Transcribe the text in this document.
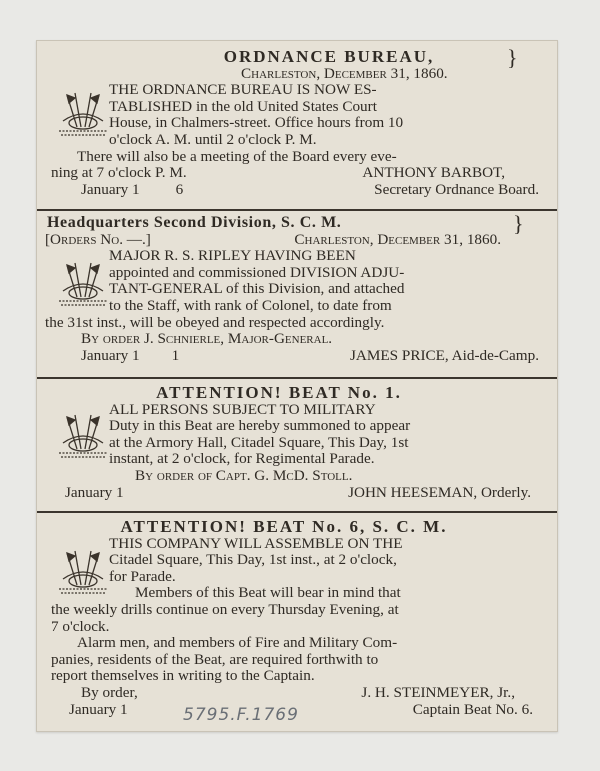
ORDNANCE BUREAU,
Charleston, December 31, 1860.
THE ORDNANCE BUREAU IS NOW ES-
TABLISHED in the old United States Court
House, in Chalmers-street. Office hours from 10
o'clock A. M. until 2 o'clock P. M.
There will also be a meeting of the Board every eve-
ning at 7 o'clock P. M.	ANTHONY BARBOT,
January 1 6	Secretary Ordnance Board.
}
Headquarters Second Division, S. C. M.
[Orders No. —.]	Charleston, December 31, 1860.
MAJOR R. S. RIPLEY HAVING BEEN
appointed and commissioned DIVISION ADJU-
TANT-GENERAL of this Division, and attached
to the Staff, with rank of Colonel, to date from
the 31st inst., will be obeyed and respected accordingly.
By order J. Schnierle, Major-General.
January 1 1	JAMES PRICE, Aid-de-Camp.
}
ATTENTION! BEAT No. 1.
ALL PERSONS SUBJECT TO MILITARY
Duty in this Beat are hereby summoned to appear
at the Armory Hall, Citadel Square, This Day, 1st
instant, at 2 o'clock, for Regimental Parade.
By order of Capt. G. McD. Stoll.
January 1	JOHN HEESEMAN, Orderly.
ATTENTION! BEAT No. 6, S. C. M.
THIS COMPANY WILL ASSEMBLE ON THE
Citadel Square, This Day, 1st inst., at 2 o'clock,
for Parade.
Members of this Beat will bear in mind that
the weekly drills continue on every Thursday Evening, at
7 o'clock.
Alarm men, and members of Fire and Military Com-
panies, residents of the Beat, are required forthwith to
report themselves in writing to the Captain.
By order,	J. H. STEINMEYER, Jr.,
January 1	Captain Beat No. 6.
5795.F.1769
